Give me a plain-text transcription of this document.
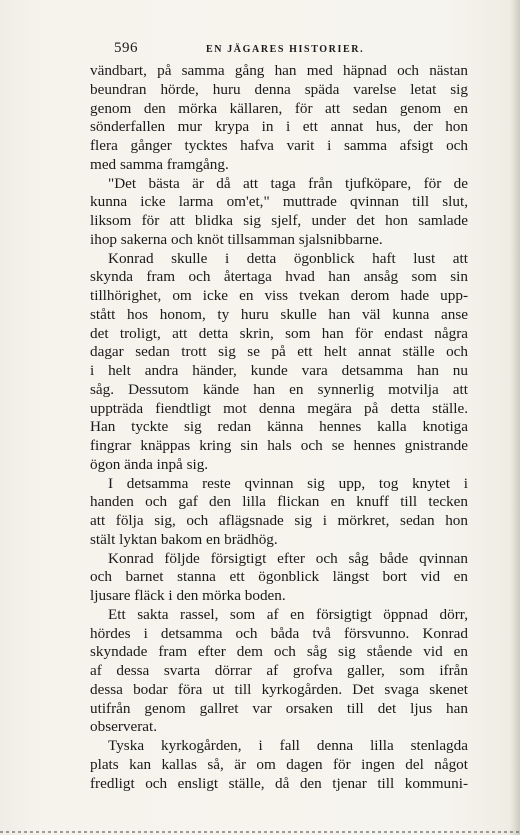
596	EN JÄGARES HISTORIER.
vändbart, på samma gång han med häpnad och nästan
beundran hörde, huru denna späda varelse letat sig
genom den mörka källaren, för att sedan genom en
sönderfallen mur krypa in i ett annat hus, der hon
flera gånger tycktes hafva varit i samma afsigt och
med samma framgång.
"Det bästa är då att taga från tjufköpare, för de
kunna icke larma om'et," muttrade qvinnan till slut,
liksom för att blidka sig sjelf, under det hon samlade
ihop sakerna och knöt tillsamman sjalsnibbarne.
Konrad skulle i detta ögonblick haft lust att
skynda fram och återtaga hvad han ansåg som sin
tillhörighet, om icke en viss tvekan derom hade upp-
stått hos honom, ty huru skulle han väl kunna anse
det troligt, att detta skrin, som han för endast några
dagar sedan trott sig se på ett helt annat ställe och
i helt andra händer, kunde vara detsamma han nu
såg. Dessutom kände han en synnerlig motvilja att
uppträda fiendtligt mot denna megära på detta ställe.
Han tyckte sig redan känna hennes kalla knotiga
fingrar knäppas kring sin hals och se hennes gnistrande
ögon ända inpå sig.
I detsamma reste qvinnan sig upp, tog knytet i
handen och gaf den lilla flickan en knuff till tecken
att följa sig, och aflägsnade sig i mörkret, sedan hon
stält lyktan bakom en brädhög.
Konrad följde försigtigt efter och såg både qvinnan
och barnet stanna ett ögonblick längst bort vid en
ljusare fläck i den mörka boden.
Ett sakta rassel, som af en försigtigt öppnad dörr,
hördes i detsamma och båda två försvunno. Konrad
skyndade fram efter dem och såg sig stående vid en
af dessa svarta dörrar af grofva galler, som ifrån
dessa bodar föra ut till kyrkogården. Det svaga skenet
utifrån genom gallret var orsaken till det ljus han
observerat.
Tyska kyrkogården, i fall denna lilla stenlagda
plats kan kallas så, är om dagen för ingen del något
fredligt och ensligt ställe, då den tjenar till kommuni-
